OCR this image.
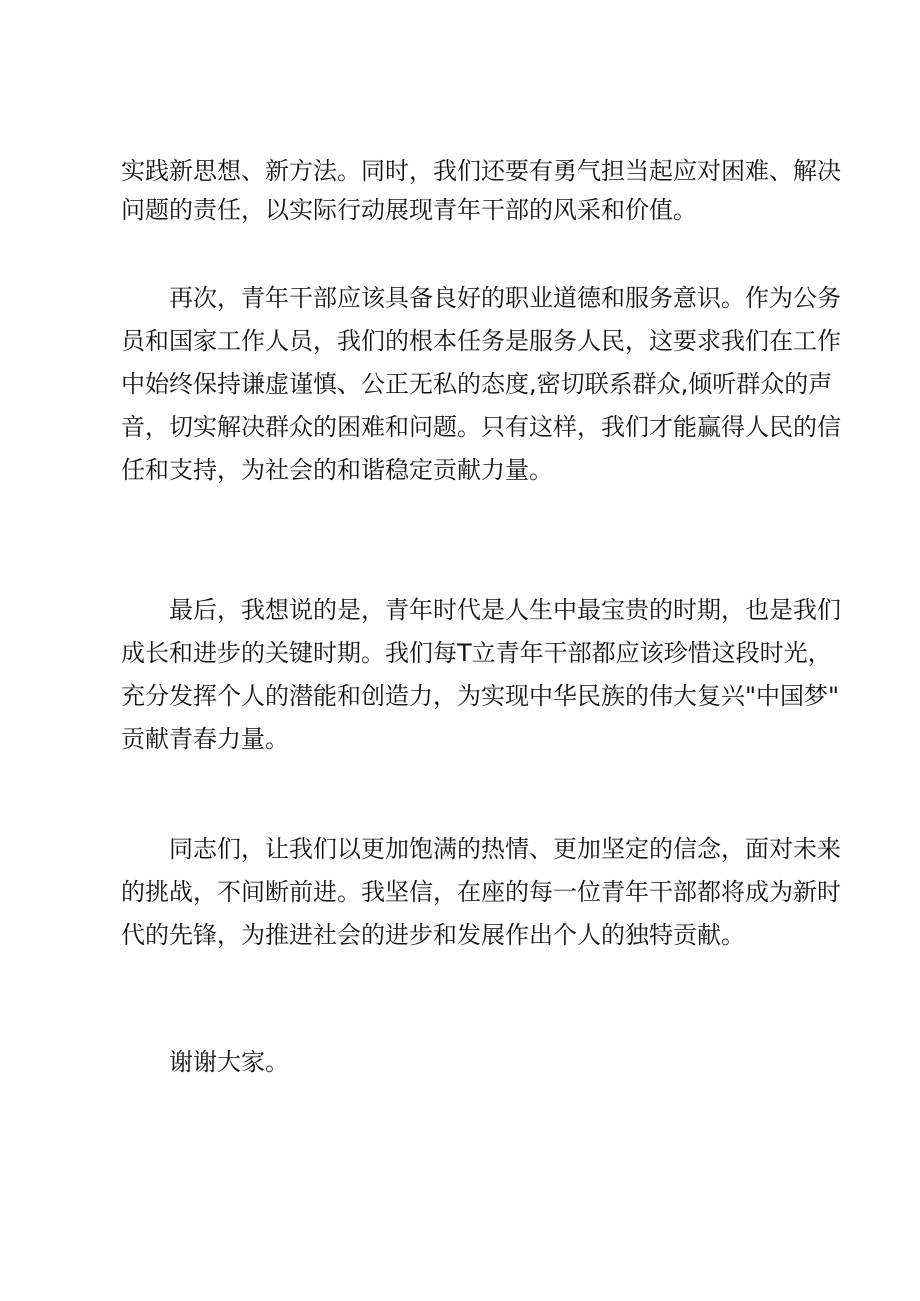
实践新思想、新方法。同时，我们还要有勇气担当起应对困难、解决
问题的责任，以实际行动展现青年干部的风采和价值。
再次，青年干部应该具备良好的职业道德和服务意识。作为公务
员和国家工作人员，我们的根本任务是服务人民，这要求我们在工作
中始终保持谦虚谨慎、公正无私的态度,密切联系群众,倾听群众的声
音，切实解决群众的困难和问题。只有这样，我们才能赢得人民的信
任和支持，为社会的和谐稳定贡献力量。
最后，我想说的是，青年时代是人生中最宝贵的时期，也是我们
成长和进步的关键时期。我们每T立青年干部都应该珍惜这段时光，
充分发挥个人的潜能和创造力，为实现中华民族的伟大复兴"中国梦"
贡献青春力量。
同志们，让我们以更加饱满的热情、更加坚定的信念，面对未来
的挑战，不间断前进。我坚信，在座的每一位青年干部都将成为新时
代的先锋，为推进社会的进步和发展作出个人的独特贡献。
谢谢大家。
